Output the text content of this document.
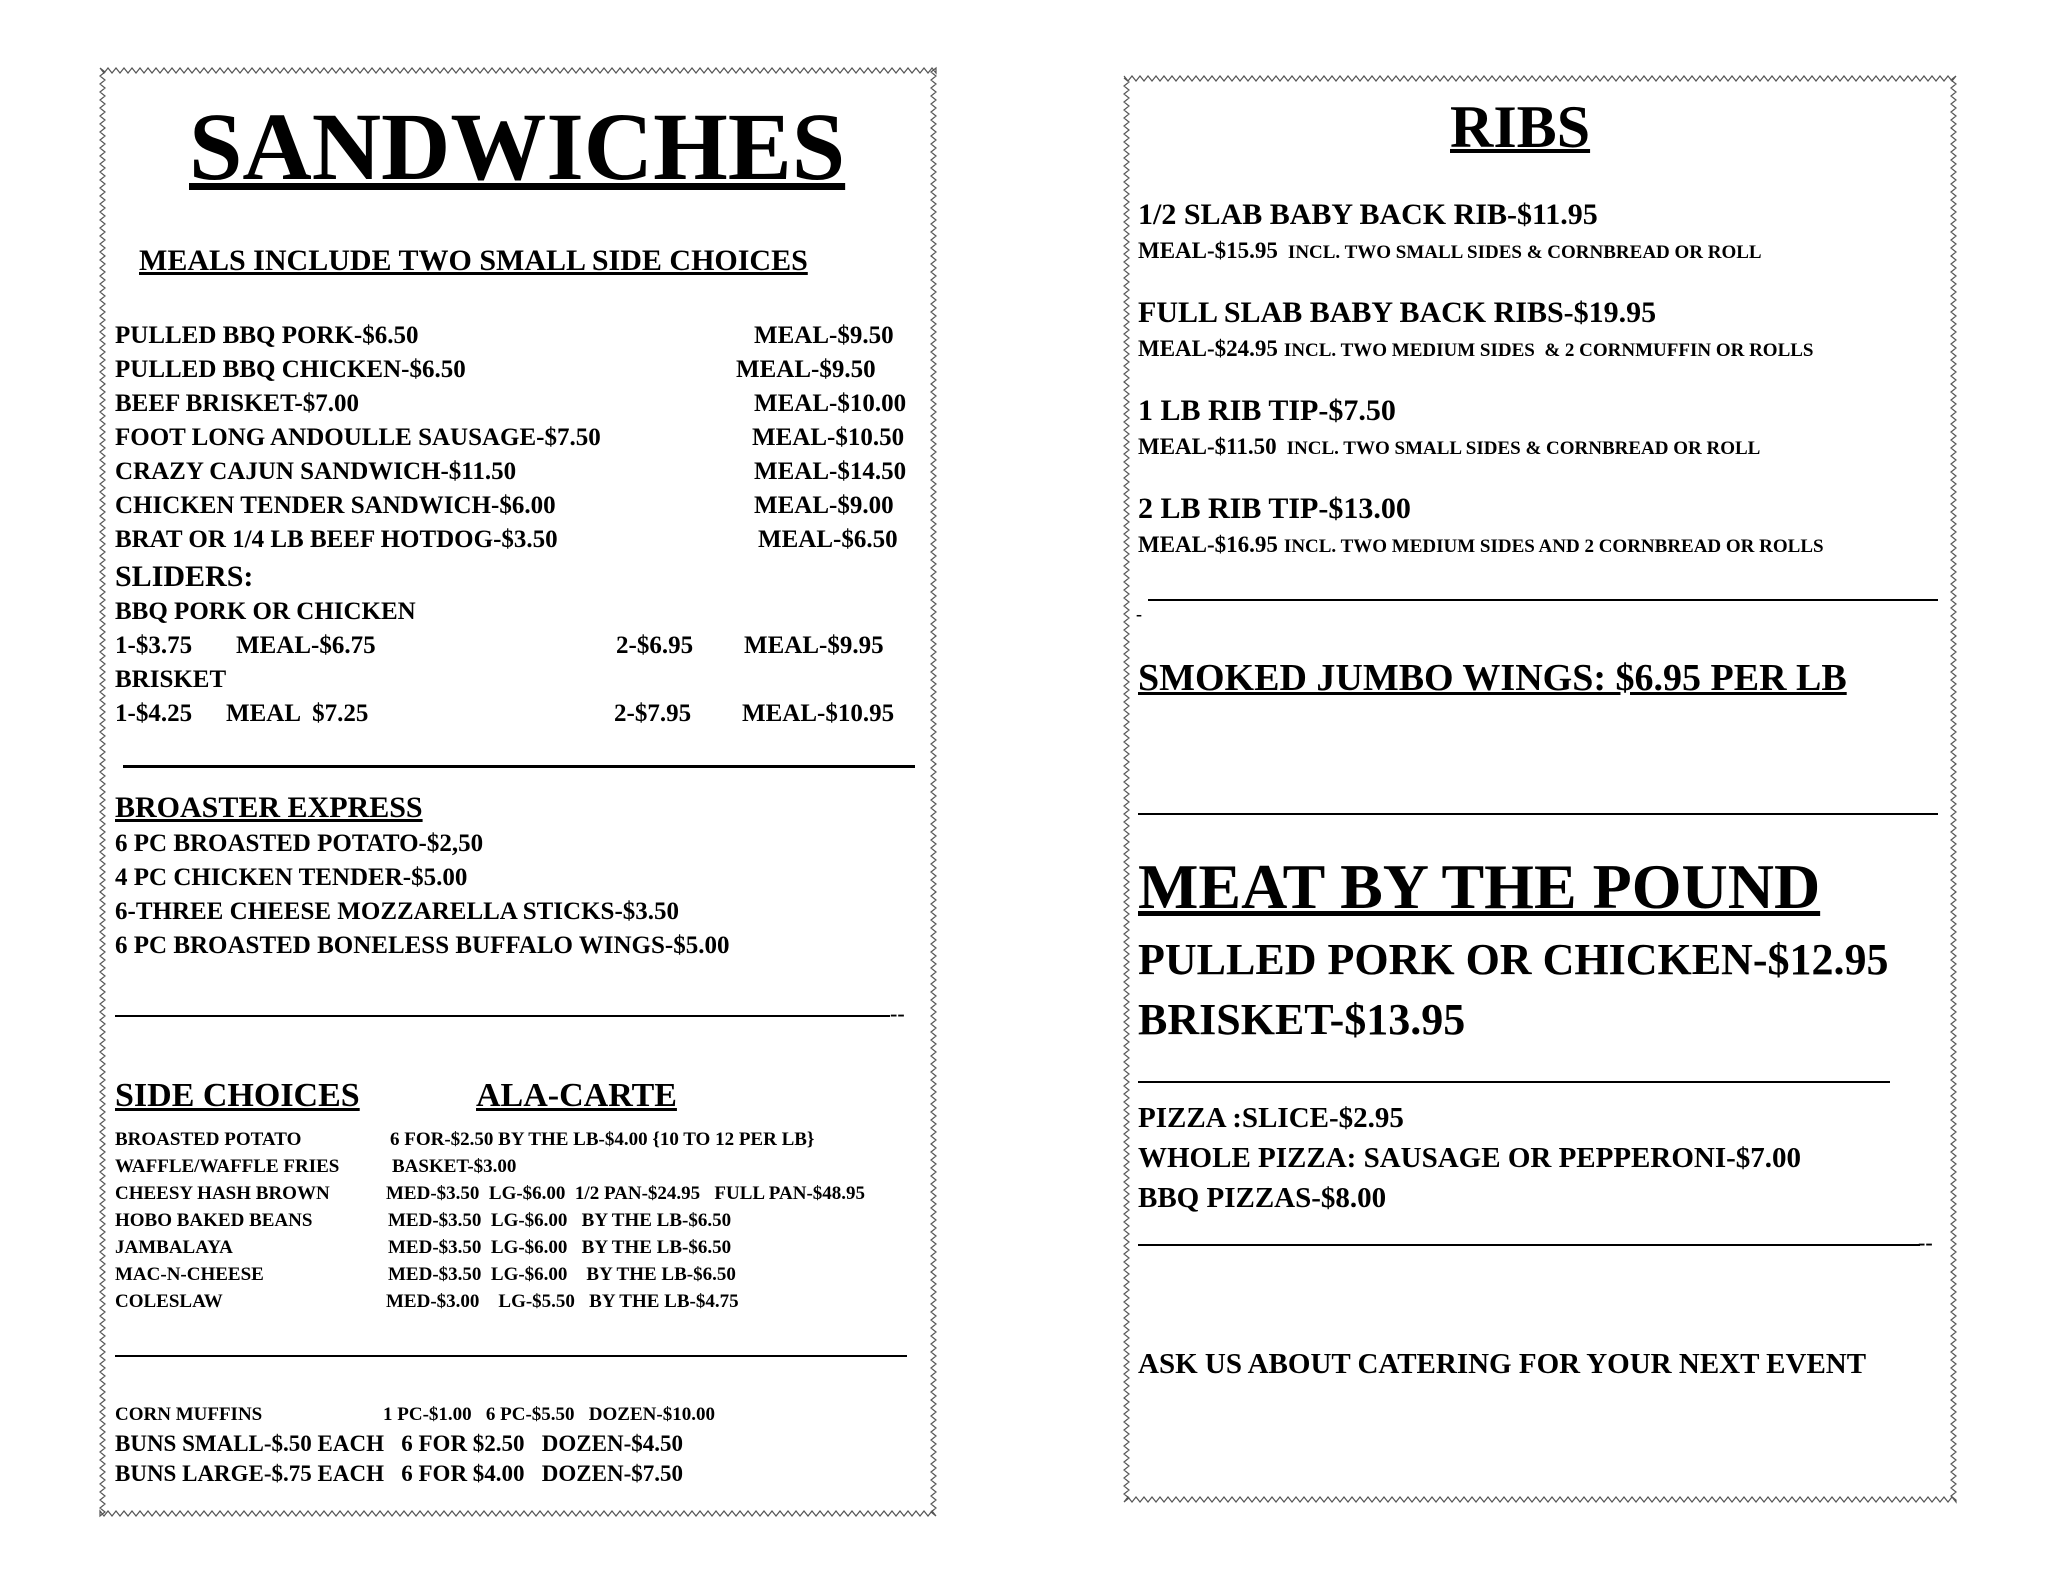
SANDWICHES
MEALS INCLUDE TWO SMALL SIDE CHOICES
PULLED BBQ PORK-$6.50	MEAL-$9.50
PULLED BBQ CHICKEN-$6.50	MEAL-$9.50
BEEF BRISKET-$7.00	MEAL-$10.00
FOOT LONG ANDOULLE SAUSAGE-$7.50	MEAL-$10.50
CRAZY CAJUN SANDWICH-$11.50	MEAL-$14.50
CHICKEN TENDER SANDWICH-$6.00	MEAL-$9.00
BRAT OR 1/4 LB BEEF HOTDOG-$3.50	MEAL-$6.50
SLIDERS:
BBQ PORK OR CHICKEN
1-$3.75 MEAL-$6.75	2-$6.95 MEAL-$9.95
BRISKET
1-$4.25 MEAL  $7.25	2-$7.95 MEAL-$10.95
BROASTER EXPRESS
6 PC BROASTED POTATO-$2,50
4 PC CHICKEN TENDER-$5.00
6-THREE CHEESE MOZZARELLA STICKS-$3.50
6 PC BROASTED BONELESS BUFFALO WINGS-$5.00
--
SIDE CHOICES	ALA-CARTE
BROASTED POTATO	6 FOR-$2.50 BY THE LB-$4.00 {10 TO 12 PER LB}
WAFFLE/WAFFLE FRIES	BASKET-$3.00
CHEESY HASH BROWN	MED-$3.50  LG-$6.00  1/2 PAN-$24.95   FULL PAN-$48.95
HOBO BAKED BEANS	MED-$3.50  LG-$6.00   BY THE LB-$6.50
JAMBALAYA	MED-$3.50  LG-$6.00   BY THE LB-$6.50
MAC-N-CHEESE	MED-$3.50  LG-$6.00    BY THE LB-$6.50
COLESLAW	MED-$3.00    LG-$5.50   BY THE LB-$4.75
CORN MUFFINS	1 PC-$1.00   6 PC-$5.50   DOZEN-$10.00
BUNS SMALL-$.50 EACH   6 FOR $2.50   DOZEN-$4.50
BUNS LARGE-$.75 EACH   6 FOR $4.00   DOZEN-$7.50
RIBS
1/2 SLAB BABY BACK RIB-$11.95
MEAL-$15.95 INCL. TWO SMALL SIDES & CORNBREAD OR ROLL
FULL SLAB BABY BACK RIBS-$19.95
MEAL-$24.95 INCL. TWO MEDIUM SIDES  & 2 CORNMUFFIN OR ROLLS
1 LB RIB TIP-$7.50
MEAL-$11.50 INCL. TWO SMALL SIDES & CORNBREAD OR ROLL
2 LB RIB TIP-$13.00
MEAL-$16.95 INCL. TWO MEDIUM SIDES AND 2 CORNBREAD OR ROLLS
-
SMOKED JUMBO WINGS: $6.95 PER LB
MEAT BY THE POUND
PULLED PORK OR CHICKEN-$12.95
BRISKET-$13.95
PIZZA :SLICE-$2.95
WHOLE PIZZA: SAUSAGE OR PEPPERONI-$7.00
BBQ PIZZAS-$8.00
--
ASK US ABOUT CATERING FOR YOUR NEXT EVENT
